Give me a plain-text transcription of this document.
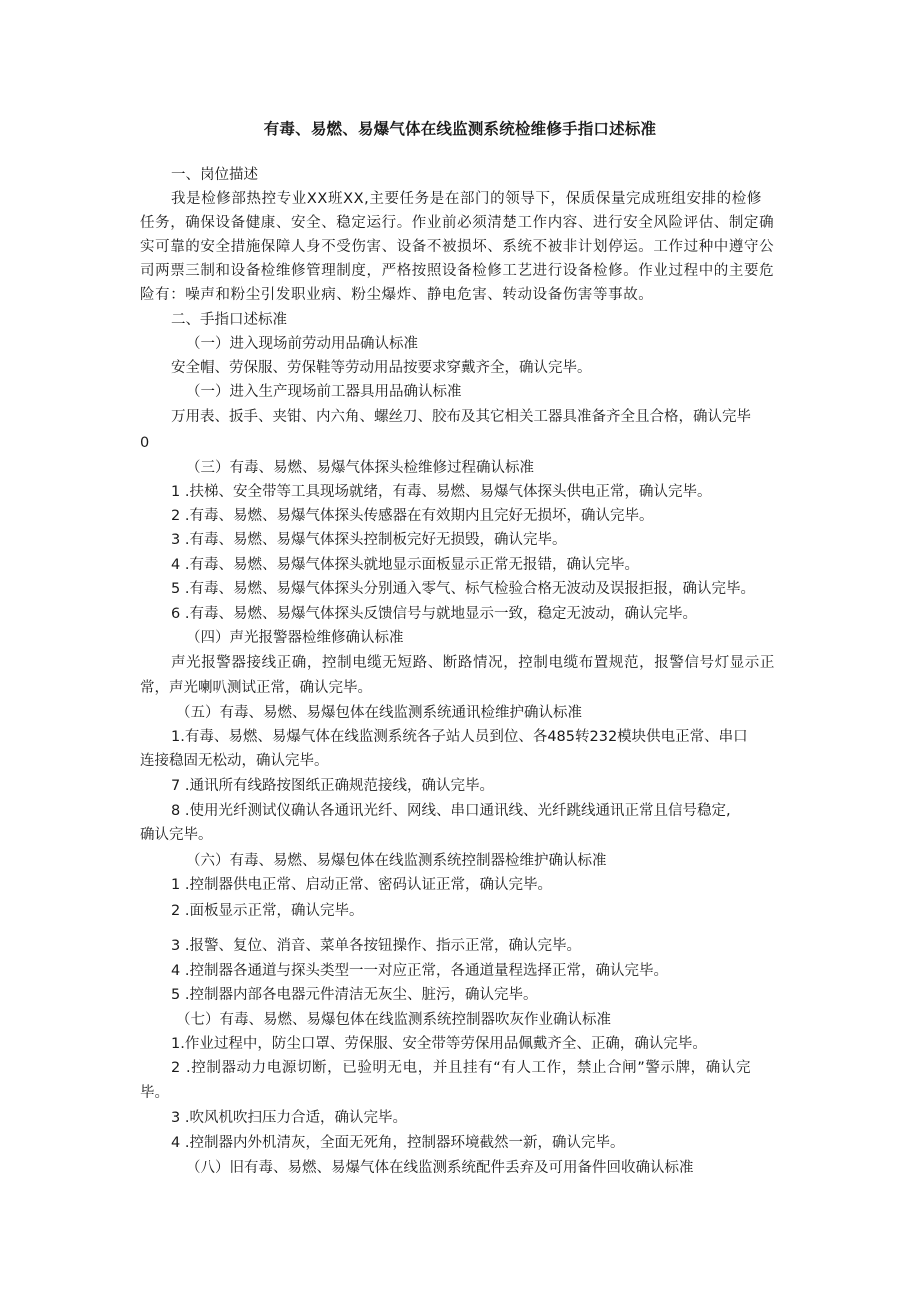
有毒、易燃、易爆气体在线监测系统检维修手指口述标准
一、岗位描述
我是检修部热控专业XX班XX,主要任务是在部门的领导下，保质保量完成班组安排的检修
任务，确保设备健康、安全、稳定运行。作业前必须清楚工作内容、进行安全风险评估、制定确
实可靠的安全措施保障人身不受伤害、设备不被损坏、系统不被非计划停运。工作过种中遵守公
司两票三制和设备检维修管理制度，严格按照设备检修工艺进行设备检修。作业过程中的主要危
险有：噪声和粉尘引发职业病、粉尘爆炸、静电危害、转动设备伤害等事故。
二、手指口述标准
（一）进入现场前劳动用品确认标准
安全帽、劳保服、劳保鞋等劳动用品按要求穿戴齐全，确认完毕。
（一）进入生产现场前工器具用品确认标准
万用表、扳手、夹钳、内六角、螺丝刀、胶布及其它相关工器具准备齐全且合格，确认完毕
0
（三）有毒、易燃、易爆气体探头检维修过程确认标准
1 .扶梯、安全带等工具现场就绪，有毒、易燃、易爆气体探头供电正常，确认完毕。
2 .有毒、易燃、易爆气体探头传感器在有效期内且完好无损坏，确认完毕。
3 .有毒、易燃、易爆气体探头控制板完好无损毁，确认完毕。
4 .有毒、易燃、易爆气体探头就地显示面板显示正常无报错，确认完毕。
5 .有毒、易燃、易爆气体探头分别通入零气、标气检验合格无波动及误报拒报，确认完毕。
6 .有毒、易燃、易爆气体探头反馈信号与就地显示一致，稳定无波动，确认完毕。
（四）声光报警器检维修确认标准
声光报警器接线正确，控制电缆无短路、断路情况，控制电缆布置规范，报警信号灯显示正
常，声光喇叭测试正常，确认完毕。
（五）有毒、易燃、易爆包体在线监测系统通讯检维护确认标准
1.有毒、易燃、易爆气体在线监测系统各子站人员到位、各485转232模块供电正常、串口
连接稳固无松动，确认完毕。
7 .通讯所有线路按图纸正确规范接线，确认完毕。
8 .使用光纤测试仪确认各通讯光纤、网线、串口通讯线、光纤跳线通讯正常且信号稳定,
确认完毕。
（六）有毒、易燃、易爆包体在线监测系统控制器检维护确认标准
1 .控制器供电正常、启动正常、密码认证正常，确认完毕。
2 .面板显示正常，确认完毕。
3 .报警、复位、消音、菜单各按钮操作、指示正常，确认完毕。
4 .控制器各通道与探头类型一一对应正常，各通道量程选择正常，确认完毕。
5 .控制器内部各电器元件清洁无灰尘、脏污，确认完毕。
（七）有毒、易燃、易爆包体在线监测系统控制器吹灰作业确认标准
1.作业过程中，防尘口罩、劳保服、安全带等劳保用品佩戴齐全、正确，确认完毕。
2 .控制器动力电源切断，已验明无电，并且挂有“有人工作，禁止合闸”警示牌，确认完
毕。
3 .吹风机吹扫压力合适，确认完毕。
4 .控制器内外机清灰，全面无死角，控制器环境截然一新，确认完毕。
（八）旧有毒、易燃、易爆气体在线监测系统配件丢弃及可用备件回收确认标准
